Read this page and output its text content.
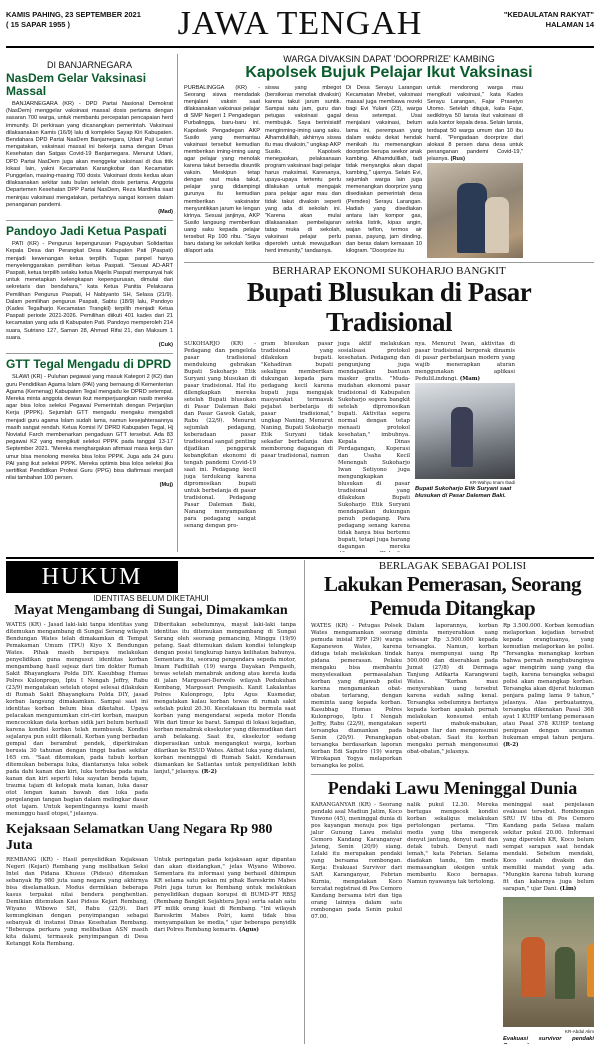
KAMIS PAHING, 23 SEPTEMBER 2021
( 15 SAPAR 1955 )	JAWA TENGAH	"KEDAULATAN RAKYAT"
HALAMAN 14
DI BANJARNEGARA
NasDem Gelar Vaksinasi Massal

BANJARNEGARA (KR) - DPD Partai Nasional Demokrat (NasDem) menggelar vaksinasi massal dosis pertama dengan sasaran 700 warga, untuk membantu percepatan pencapaian herd immunity. Di perkiraan yang dicanangkan pemerintah. Vaksinasi dilaksanakan Kamis (16/9) lalu di kompleks Sayap Kiri Kabupaten. Bendahara DPD Partai NasDem Banjarnegara, Udani Puji Lestari mengatakan, vaksinasi massal ini bekerja sama dengan Dinas Kesehatan dan Satgas Covid-19 Banjarnegara. Menurut Udani, DPD Partai NasDem juga akan menggelar vaksinasi di dua titik lokasi lain, yakni Kecamatan Karangkobar dan Kecamatan Punggelan, masing-masing 700 dosis. Vaksinasi dosis kedua akan dilaksanakan sekitar satu bulan setelah dosis pertama. Anggota Departemen Kesehatan DPP Partai NasDem, Reza Mardhika saat meninjau vaksinasi mengatakan, pertahnya sangat konsen dalam penanganan pandemi.

(Mad)
Pandoyo Jadi Ketua Paspati

PATI (KR) - Pengurus kepengurusan Paguyuban Solidaritas Kepala Desa dan Perangkat Desa Kabupaten Pati (Paspati) menjadi kewenangan ketua terpilih. Tugas panpel hanya menyelenggarakan pemilihan ketua Paspati. "Sesuai AD-ART Paspati, ketua terpilih selaku ketua Majelis Paspati mempunyai hak untuk menetapkan kelengkapan kepengurusan, dimulai dari sekretaris dan bendahara," kata Ketua Panitia Pelaksana Pemilihan Pengurus Paspati, H Nabiyanto SH, Selasa (21/9). Dalam pemilihan pengurus Paspati, Sabtu (18/9) lalu, Pandoyo (Kades Tegalharjo Kecamatan Trangkil) terpilih menjadi Ketua Paspati periode 2021-2026. Pemilihan diikuti 401 kades dari 21 kecamatan yang ada di Kabupaten Pati. Pandoyo memperoleh 214 suara, Sutrisno 127, Saman 28, Ahmad Rifai 21, dan Maksum 1 suara.

(Cuk)
GTT Tegal Mengadu di DPRD

SLAWI (KR) - Puluhan pegawai yang masuk Kategori 2 (K2) dan guru Pendidikan Agama Islam (PAI) yang bernaung di Kementerian Agama (Kemenag) Kabupaten Tegal mengadu ke DPRD setempat. Mereka minta anggota dewan ikut memperjuangkan nasib mereka agar bisa lolos seleksi Pegawai Pemerintah dengan Perjanjian Kerja (PPPK). Sejumlah GTT mengadu mengaku mengabdi menjadi guru agama Islam sudah lama, namun kesejahteraannya masih sangat rendah. Ketua Komisi IV DPRD Kabupaten Tegal, Hj Noviatul Farch membenarkan pengaduan GTT tersebut. Ada 83 pegawai K2 yang mengikuti seleksi PPPK pada tanggal 13-17 September 2021. "Mereka menghargakan afirmasi masa kerja dan umur bisa menolong mereka bisa lolos PPPK. Juga ada 24 guru PAI yang ikut seleksi PPPK. Mereka optimis bisa lolos seleksi jika sertifikat Pendidikan Profesi Guru (PPG) bisa diafirmasi menjadi nilai tambahan 100 persen.

(Muj)
WARGA DIVAKSIN DAPAT 'DOORPRIZE' KAMBING
Kapolsek Bujuk Pelajar Ikut Vaksinasi
PURBALINGGA (KR) - Seorang siswa mendadak menjalani vaksin saat dilaksanakan vaksinasi pelajar di SMP Negeri 1 Pengadegan Purbalingga, baru-baru ini. Kapolsek Pengadegan AKP Susilo yang memantau vaksinasi tersebut kemudian memberikan iming-iming uang agar pelajar yang menolak karena takut bersedia disuntik vaksin. Meskipun tetap dengan raut muka takut, pelajar yang didampingi gurunya itu kemudian memberikan vaksinator menyuntikkan jarum ke lengan kirinya. Sesuai janjinya, AKP Susilo langsung memberikan uang saku kepada pelajar tersebut Rp 100 ribu. "Saya baru datang ke sekolah ketika dilaport ada
siswa yang mbegot (bersikeras menolak divaksin) karena takut jarum suntik. Sampai satu jam, guru dan petugas vaksinasi gagal membujuk. Saya berinisiatif menginming-iming uang saku. Alhamdulillah, akhirnya siswa itu mau divaksin," ungkap AKP Susilo. Kapolsek menegaskan, pelaksanaan program vaksinasi bagi pelajar harus maksimal. Karenanya, upaya-upaya tertentu perlu dilakukan untuk mengajak para pelajar agar mau dan tidak takut divaksin seperti yang ada di sekolah ini. "Karena akan mulai dilaksanakan pembelajaran tatap muka di sekolah, vaksinasi pelajar perlu diperoleh untuk mewujudkan herd immunity," tandasnya.
Di Desa Serayu Larangan Kecamatan Mrebet, vaksinasi massal juga membawa rezeki bagi Evi Yulani (23), warga desa setempat. Usai menjalani vaksinasi, belum lama ini, perempuan yang dalam waktu dekat hendak menikah itu memenangkan doorprize berupa seekor anak kambing. Alhamdulillah, tadi tidak menyangka akan dapat kambing," ujarnya. Selain Evi, sejumlah warga lain juga memenangkan doorprize yang disediakan pemerintah desa (Pemdes) Serayu Larangan. Hadiah yang disediakan antara lain kompor gas, setrika listrik, kipas angin, wajan teflon, termos air panas, payung, jam dinding, dan beras dalam kemasan 10 kilogram. "Doorprize itu
untuk mendorong warga mau mengikuti vaksinasi," kata Kades Serayu Larangan, Fajar Prasetyo Utomo. Setelah ditujuk, kata Fajar, sedikitnya 50 lansia ikut vaksinasi di aula kantor kepala desa. Selain lansia, terdapat 50 warga umum dan 10 ibu hamil. "Pengadaan doorprize dari alokasi 8 persen dana desa untuk penanganan pandemi Covid-19," jelasnya. (Rus)
BERHARAP EKONOMI SUKOHARJO BANGKIT
Bupati Blusukan di Pasar Tradisional
SUKOHARJO (KR) - Pedagang dan pengelola pasar tradisional mendukung gebrakan Bupati Sukoharjo Etik Suryani yang blusukan di pasar tradisional. Hal itu dilengkapkan mereka setelah Bupati blusukan di Pasar Daleman Baki dan Pasar Gawok Gatak, Rabu (22/9). Menurut sejumlah pedagang, keberadaan pasar tradisional sangat penting dijadikan penggerak kebangkitan ekonomi di tengah pandemi Covid-19 saat ini. Pedagang kecil juga terdukung karena dipromosikan bupati untuk berbelanja di pasar tradisional. Pedagang Pasar Daleman Baki, Nanang menyampaikan para pedagang sangat senang dengan pro-
gram blusukan pasar tradisional yang dilakukan bupati. "Kehadiran bupati sekaligus memberikan dukungan kepada para pedagang kecil karena bupati juga mengajak masyarakat termasuk pejabat berbelanja di pasar tradisional," ungkap Naning. Menurut Naning, Bupati Sukoharjo Etik Suryani tidak sekadar berbelanja dan memborong dagangan di pasar tradisional, namun
juga aktif melakukan sosialisasi protokol kesehatan. Pedagang dan pengunjung juga mendapatkan bantuan masker gratis. "Muda-mudahan ekonomi pasar tradisional di Kabupaten Sukoharjo segera bangkit setelah dipromosikan bupati. Aktivitas segera normal dengan tetap menaati protokol kesehatan," imbuhnya. Kepala Dinas Perdagangan, Koperasi dan Usaha Kecil Menengah Sukoharjo Iwan Setiyono juga mengungkapkan blusukan di pasar tradisional yang dilakukan Bupati Sukoharjo Etik Suryani mendapatkan dukungan penuh pedagang. Para pedagang senang karena tidak hanya bisa bertemu bupati, tetapi juga barang dagangan mereka
nya. Menurut Iwan, aktivitas di pasar tradisional bergerak dinamis di pasar perbelanjaan modern yang wajib menerapkan aturan menggunakan aplikasi PeduliLindungi. (Mam)
KR-Wahyu Imam Ibadi
Bupati Sukoharjo Etik Suryani saat blusukan di Pasar Daleman Baki.
HUKUM
IDENTITAS BELUM DIKETAHUI
Mayat Mengambang di Sungai, Dimakamkan
WATES (KR) - Jasad laki-laki tanpa identitas yang ditemukan mengambang di Sungai Serang wilayah Bendungan Wates telah dimakamkan di Tempat Pemakaman Umum (TPU) Kiyo X Bendungan Wates. Pihak masih berupaya melakukan penyelidikan guna mengusut identitas korban mengambang hasil sejeaz dari tim dokter Rumah Sakit Bhayangkara Polda DIY. Kasubbag Humas Polres Kulonprogo, Iptu I Nengah Jeffry, Rabu (23/9) mengatakan setelah otopsi selesai dilakukan di Rumah Sakit Bhayangkara Polda DIY, jasad korban langsung dimakamkan. Sampai saat ini identitas korban belum bisa diketahui. Upaya pelacakan mengumumkan ciri-ciri korban, maupun mencocokkan data korban sidik jari belum berhasil karena kondisi korban telah membusuk. Kondisi sejalanya pun sulit dikenali. Korban yang berbadan gempal dan berambut pendek, diperkirakan berusia 30 tahunan dengan tinggi badan sekitar 165 cm. "Saat ditemukan, pada tubuh korban ditemukan beberapa luka, diantaranya luka sobek pada dahi kanan dan kiri, luka terbuka pada mata kanan dan kiri seperti luka sayatan benda tajam, trauma tajam di kelopak mata kanan, luka dasar otot lengan kanan bawah dan luka pada pergelangan tangan bagian dalam melingkar dasar otot tajam. Untuk kepentingannya kami masih menunggu hasil otopsi," jelasnya.
Diberitakan sebelumnya, mayat laki-laki tanpa identitas itu ditemukan mengambang di Sungai Serang oleh seorang pemancing, Minggu (19/9) petang. Saat ditemukan dalam kondisi telungkup dengan posisi tengkurap hanya kelihatan bahunya. Sementara itu, seorang pengendara sepeda motor, Imam Fadhillah (19) warga Dayakan Pengasih, tewas setelah menabrak andong atau kereta kuda di jalan Margosari-Derwolo wilayah Pedukuhan Kembang, Margosari Pengasih. Kanit Lakalantas Polres Kulonprogo, Iptu Agus Kusmedar, mengatakan kalau korban tewas di rumah sakit setelah pukul 20.30. Kecelakaan itu bermula saat korban yang mengendarai sepeda motor Honda Win dari timur ke barat. Sampai di lokasi kejadian, korban menabrak eksekutor yang dikemudikan dari arah belakang. Saat itu, eksekutor sedang dioperasikan untuk mengangkut warga, korban dilarikan ke RSUD Wates. Akibat luka yang dialami, korban meninggal di Rumah Sakit. Kendaraan diamankan ke Satlantas untuk penyelidikan lebih lanjut," jelasnya. (R-2)
Kejaksaan Selamatkan Uang Negara Rp 980 Juta
REMBANG (KR) - Hasil penyelidikan Kejaksaan Negeri (Kejari) Rembang yang melibatkan Seksi Intel dan Pidana Khusus (Pidsus) ditemukan sebanyak Rp 980 juta uang negara yang akhirnya bisa diselamatkan. Modus dermikian beberapa kasus terpakai nilai bendera penghentian. Demikian ditemukan Kasi Pidsus Kejari Rembang, Wiyano Wibowo SH, Rabu (22/9). Dari kemungkinan dengan penyimpangan sebagai sebanyak di instansi Dinas Kesehatan Rembang. "Beberapa perkara yang melibatkan ASN masih kita dalami, termasuk penyimpangan di Desa Ketanggi Kota Rembang.
Untuk peringatan pada kejaksaan agar dipantau dan akan disidangkan," jelas Wiyano Wibowo. Sementara itu informasi yang berhasil dihimpun KR selama satu pekan mi pihak Bareskrim Mabes Polri juga turun ke Rembang untuk melakukan penyelidikan dugaan korupsi di BUMD-PT RBSJ (Rembang Bangkit Sejahtera Jaya) serta salah satu PT milik orang kuat di Rembang. "Ini wilayah Bareskrim Mabes Polri, kami tidak bisa menyampaikan ke media," ujar beberapa penyidik dari Polres Rembang kemarin. (Agus)
BERLAGAK SEBAGAI POLISI
Lakukan Pemerasan, Seorang Pemuda Ditangkap
WATES (KR) - Petugas Polsek Wates mengamankan seorang pemuda inisial EPP (29) warga Kapanewon Wates, karena diduga telah melakukan tindak pidana pemerasan. Pelaku mengaku bisa membantu menyelesaikan permasalahan korban yang dijawab polisi karena mengamankan obat-obatan terlarang, dengan meminta uang kepada korban. Kasubbag Humas Polres Kulonprogo, Iptu I Nengah Jeffry, Rabu (22/9), mengatakan tersangka diamankan pada Senin (20/9). Penangkapan tersangka berdasarkan laporan korban Edi Saputro (19) warga Wirokapan Yogya melaporkan tersangka ke polisi.
Dalam laporannya, korban diminta menyerahkan uang sebesar Rp 3.500.000 kepada tersangka. Namun, korban hanya mempunyai uang Rp 500.000 dan diserahkan pada Jumat (27/8) di Dermaga Tanjung Adikarta Karangwuni Wates. "Korban mau menyerahkan uang tersebut karena sudah saling kenal. Tersangka sebelumnya bertanya kepada korban apakah pernah melakukan konsumsi entah seperti mabuk-mabukan, balapan liar dan mengonsumsi obat-obatan. Saat itu korban mengaku pernah mengonsumsi obat-obatan," jelasnya.
Rp 3.500.000. Korban kemudian melaporkan kejadian tersebut kepada orangtuanya, yang kemudian melaporkan ke polisi. "Tersangka menangkap korban bahwa pernah menghubunginya agar mengirim uang yang dia tagih, karena tersangka sebagai polisi akan menangkap korban. Tersangka akan dijerat hukuman penjara paling lama 9 tahun," jelasnya. Atas perbuatannya, tersangka dikenakan Pasal 368 ayat 1 KUHP tentang pemerasan atau Pasal 378 KUHP tentang penipuan dengan ancaman hukuman empat tahun penjara. (R-2)
Pendaki Lawu Meninggal Dunia
KARANGANYAR (KR) - Seorang pendaki asal Madiun Jatim, Koco Yuwono (45), meninggal dunia di pos kayangan menuju pos tiga jalur Gunung Lawu melalui Cemoro Kandang Karanganyar Jateng, Senin (20/9) siang. Lelaki itu merupakan pendaki yang bersama rombongan. Kerja: Evakuasi Survivor dari SAR Karanganyar, Febrian Kurnia, mengatakan Koco tercatat registrasi di Pos Cemoro Kandang bersama istri dan tiga orang lainnya dalam satu rombongan pada Senin pukul 07.00.
nalik pukul 12.30. Mereka bertugas mengecek kondisi korban sekaligus melakukan pertolongan pertama. "Tim medis yang tiba mengecek denyut jantung, denyut nadi dan detak tubuh. Denyut nadi lemah," kata Febrian. Selama diadakan tandu, tim medis memasangkan oksigen untuk membantu Koco bernapas. Namun nyawanya tak tertolong.
meninggal saat penjelasan evakuasi tersebut. Rombongan SRU IV tiba di Pos Cemoro Kandang pada Selasa malam sekitar pukul 20.00. Informasi yang diperoleh KR, Koco belum sempat sarapan saat hendak mendaki. Sebelum mendaki, Koco sudah divaksin dan memiliki mandat yang ada. "Mungkin karena tubuh kurang fit dan kabarnya juga belum sarapan," ujar Dani. (Lim)
KR-Abdul Alim
Evakuasi survivor pendaki
